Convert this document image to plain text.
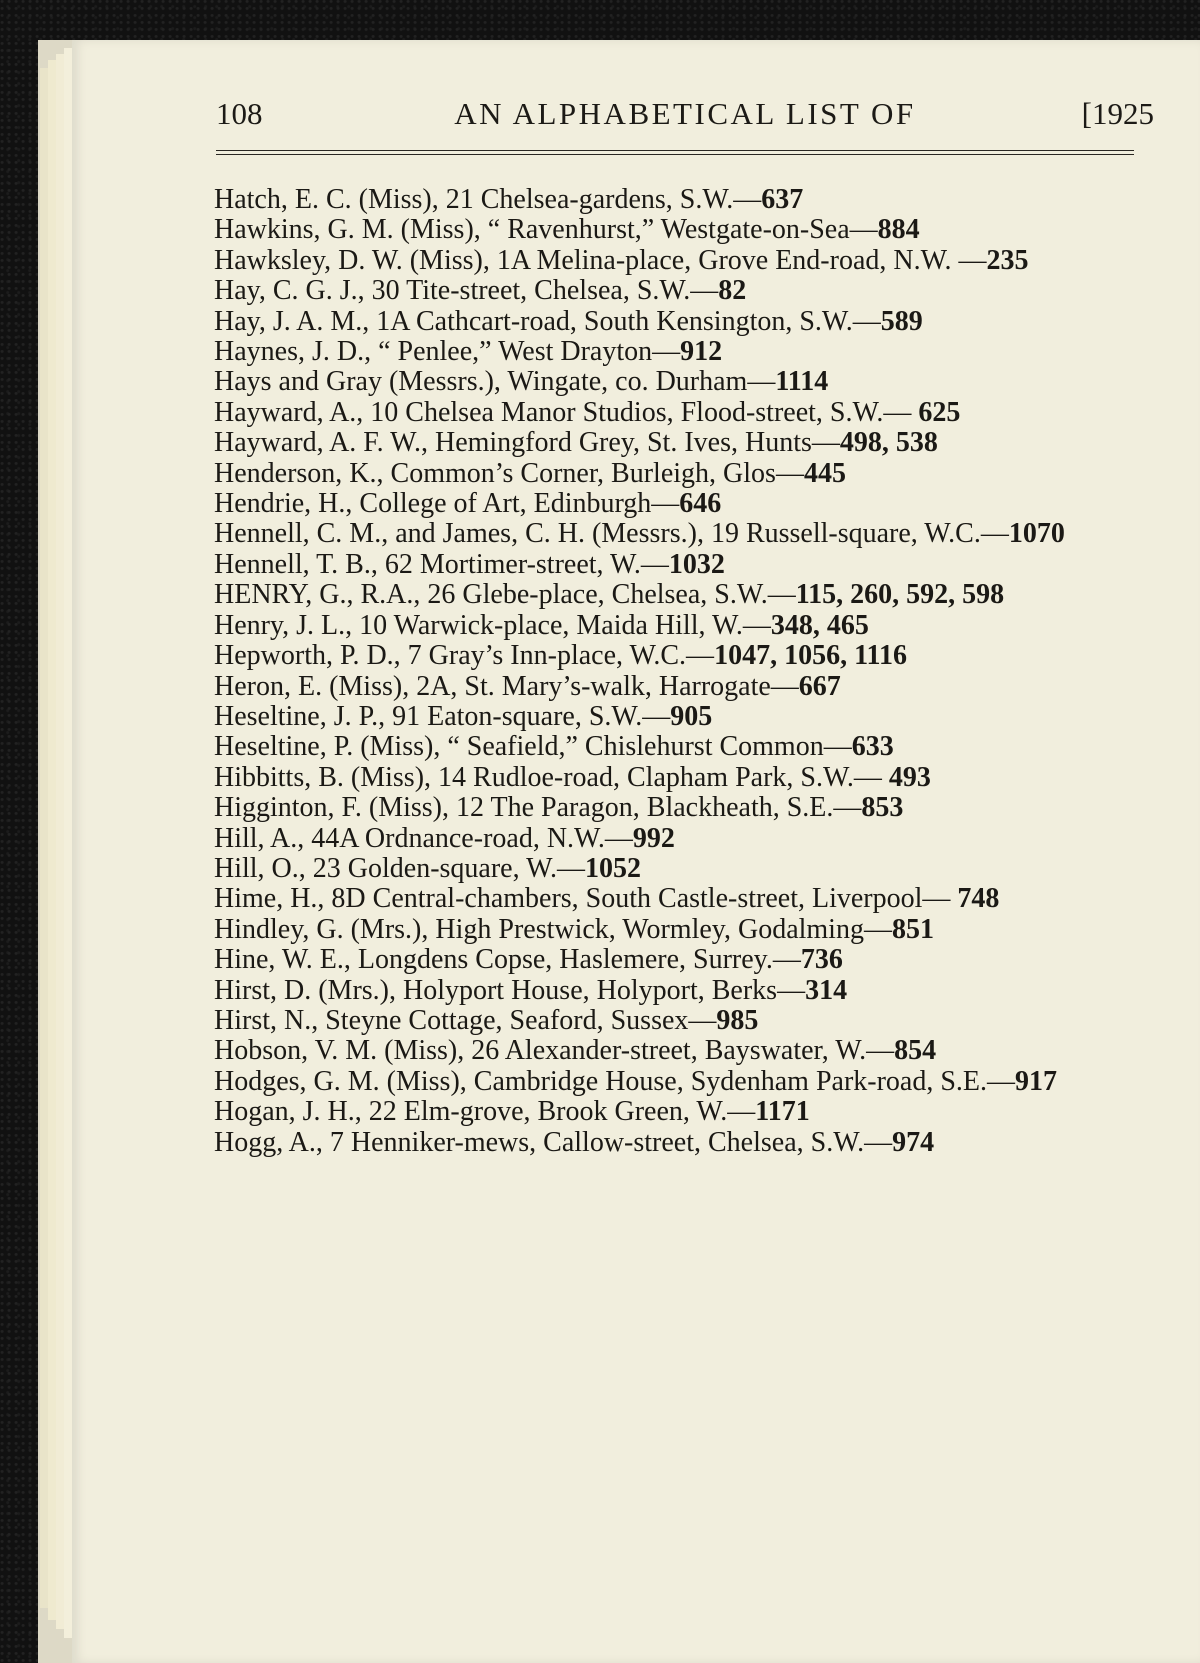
108	AN ALPHABETICAL LIST OF	[1925
Hatch, E. C. (Miss), 21 Chelsea-gardens, S.W.—637
Hawkins, G. M. (Miss), “ Ravenhurst,” Westgate-on-Sea—884
Hawksley, D. W. (Miss), 1A Melina-place, Grove End-road, N.W. —235
Hay, C. G. J., 30 Tite-street, Chelsea, S.W.—82
Hay, J. A. M., 1A Cathcart-road, South Kensington, S.W.—589
Haynes, J. D., “ Penlee,” West Drayton—912
Hays and Gray (Messrs.), Wingate, co. Durham—1114
Hayward, A., 10 Chelsea Manor Studios, Flood-street, S.W.— 625
Hayward, A. F. W., Hemingford Grey, St. Ives, Hunts—498, 538
Henderson, K., Common’s Corner, Burleigh, Glos—445
Hendrie, H., College of Art, Edinburgh—646
Hennell, C. M., and James, C. H. (Messrs.), 19 Russell-square, W.C.—1070
Hennell, T. B., 62 Mortimer-street, W.—1032
HENRY, G., R.A., 26 Glebe-place, Chelsea, S.W.—115, 260, 592, 598
Henry, J. L., 10 Warwick-place, Maida Hill, W.—348, 465
Hepworth, P. D., 7 Gray’s Inn-place, W.C.—1047, 1056, 1116
Heron, E. (Miss), 2A, St. Mary’s-walk, Harrogate—667
Heseltine, J. P., 91 Eaton-square, S.W.—905
Heseltine, P. (Miss), “ Seafield,” Chislehurst Common—633
Hibbitts, B. (Miss), 14 Rudloe-road, Clapham Park, S.W.— 493
Higginton, F. (Miss), 12 The Paragon, Blackheath, S.E.—853
Hill, A., 44A Ordnance-road, N.W.—992
Hill, O., 23 Golden-square, W.—1052
Hime, H., 8D Central-chambers, South Castle-street, Liverpool— 748
Hindley, G. (Mrs.), High Prestwick, Wormley, Godalming—851
Hine, W. E., Longdens Copse, Haslemere, Surrey.—736
Hirst, D. (Mrs.), Holyport House, Holyport, Berks—314
Hirst, N., Steyne Cottage, Seaford, Sussex—985
Hobson, V. M. (Miss), 26 Alexander-street, Bayswater, W.—854
Hodges, G. M. (Miss), Cambridge House, Sydenham Park-road, S.E.—917
Hogan, J. H., 22 Elm-grove, Brook Green, W.—1171
Hogg, A., 7 Henniker-mews, Callow-street, Chelsea, S.W.—974
